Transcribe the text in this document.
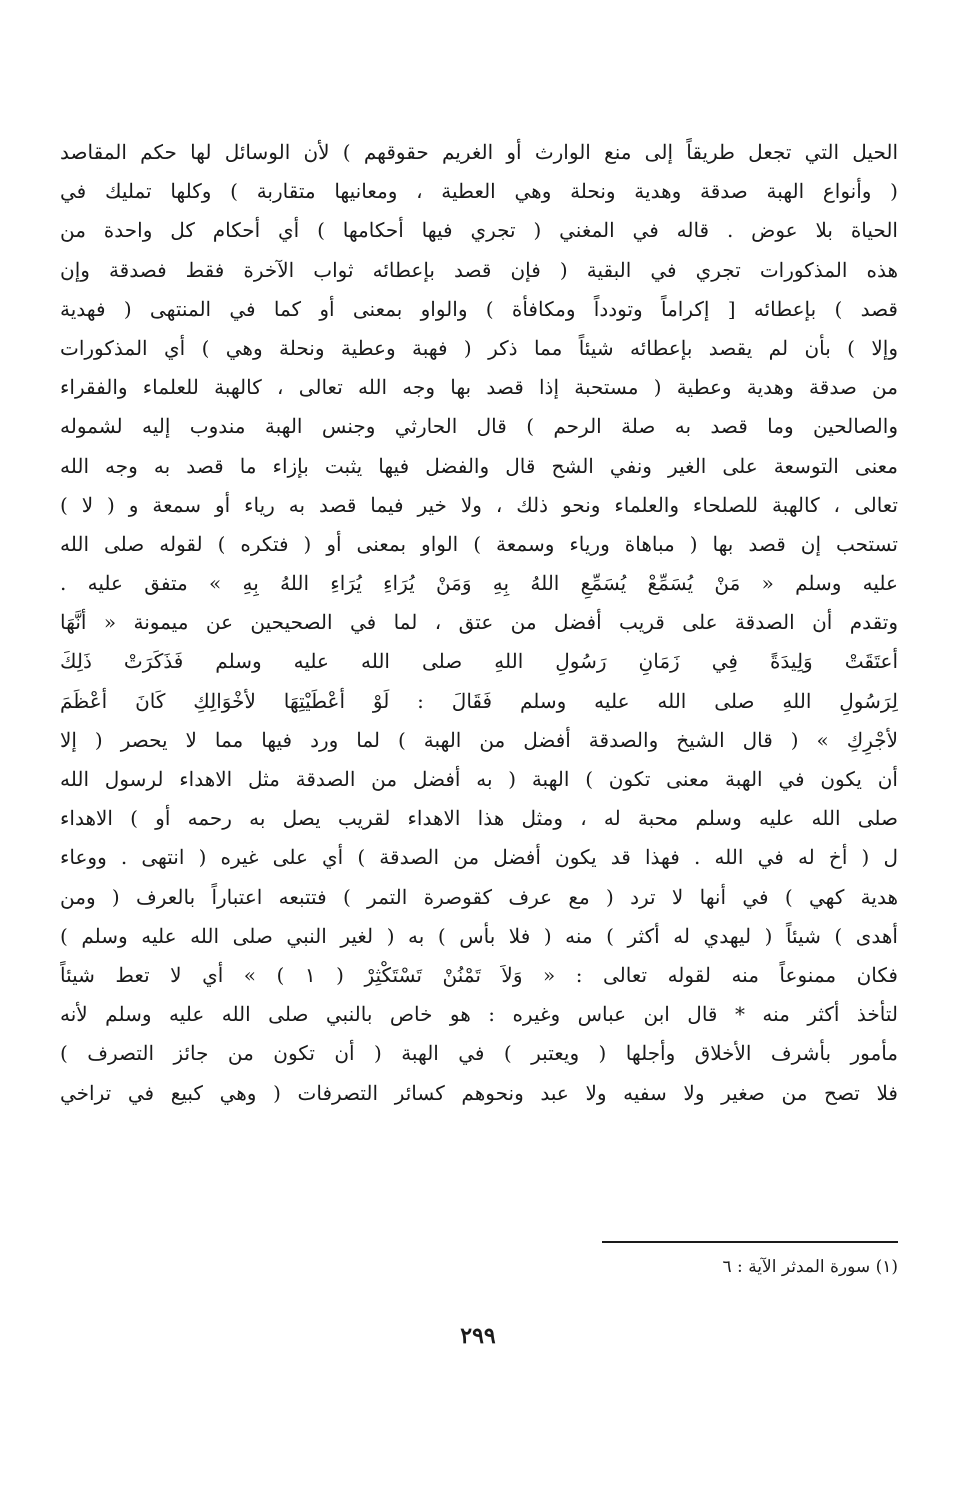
الحيل التي تجعل طريقاً إلى منع الوارث أو الغريم حقوقهم ) لأن الوسائل لها حكم المقاصد
( وأنواع الهبة صدقة وهدية ونحلة وهي العطية ، ومعانيها متقاربة ) وكلها تمليك في
الحياة بلا عوض . قاله في المغني ( تجري فيها أحكامها ) أي أحكام كل واحدة من
هذه المذكورات تجري في البقية ( فإن قصد بإعطائه ثواب الآخرة فقط فصدقة وإن
قصد ) بإعطائه [ إكراماً وتودداً ومكافأة ) والواو بمعنى أو كما في المنتهى ( فهدية
وإلا ) بأن لم يقصد بإعطائه شيئاً مما ذكر ( فهبة وعطية ونحلة وهي ) أي المذكورات
من صدقة وهدية وعطية ( مستحبة إذا قصد بها وجه الله تعالى ، كالهبة للعلماء والفقراء
والصالحين وما قصد به صلة الرحم ) قال الحارثي وجنس الهبة مندوب إليه لشموله
معنى التوسعة على الغير ونفي الشح قال والفضل فيها يثبت بإزاء ما قصد به وجه الله
تعالى ، كالهبة للصلحاء والعلماء ونحو ذلك ، ولا خير فيما قصد به رياء أو سمعة و ( لا )
تستحب إن قصد بها ( مباهاة ورياء وسمعة ) الواو بمعنى أو ( فتكره ) لقوله صلى الله
عليه وسلم « مَنْ يُسَمِّعْ يُسَمِّعِ اللهُ بِهِ وَمَنْ يُرَاءِ يُرَاءِ اللهُ بِهِ » متفق عليه .
وتقدم أن الصدقة على قريب أفضل من عتق ، لما في الصحيحين عن ميمونة « أنَّهَا
أعتَقَتْ وَلِيدَةً فِي زَمَانِ رَسُولِ اللهِ صلى الله عليه وسلم فَذَكَرَتْ ذَلِكَ
لِرَسُولِ اللهِ صلى الله عليه وسلم فَقَالَ : لَوْ أعْطَيْتِهَا لأخْوَالِكِ كَانَ أعْظَمَ
لأجْرِكِ » ( قال الشيخ والصدقة أفضل من الهبة ) لما ورد فيها مما لا يحصر ( إلا
أن يكون في الهبة معنى تكون ) الهبة ( به أفضل من الصدقة مثل الاهداء لرسول الله
صلى الله عليه وسلم محبة له ، ومثل هذا الاهداء لقريب يصل به رحمه أو ) الاهداء
ل ( أخ له في الله . فهذا قد يكون أفضل من الصدقة ) أي على غيره ( انتهى . ووعاء
هدية كهي ) في أنها لا ترد ( مع عرف كقوصرة التمر ) فتتبعه اعتباراً بالعرف ( ومن
أهدى ) شيئاً ( ليهدي له أكثر ) منه ( فلا بأس ) به ( لغير النبي صلى الله عليه وسلم )
فكان ممنوعاً منه لقوله تعالى : « وَلاَ تَمْنُنْ تَسْتَكْثِرْ ( ١ ) » أي لا تعط شيئاً
لتأخذ أكثر منه * قال ابن عباس وغيره : هو خاص بالنبي صلى الله عليه وسلم لأنه
مأمور بأشرف الأخلاق وأجلها ( ويعتبر ) في الهبة ( أن تكون من جائز التصرف )
فلا تصح من صغير ولا سفيه ولا عبد ونحوهم كسائر التصرفات ( وهي كبيع في تراخي
(١) سورة المدثر الآية : ٦
٢٩٩
